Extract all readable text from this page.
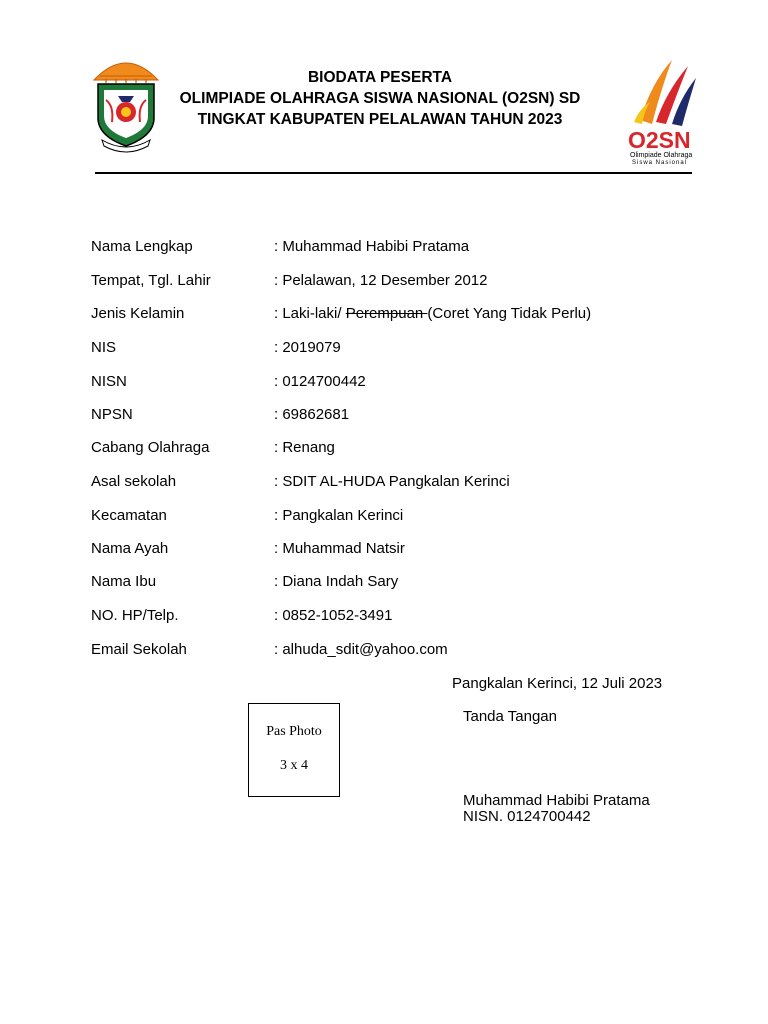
O2SN
Olimpiade Olahraga
Siswa Nasional
BIODATA PESERTA
OLIMPIADE OLAHRAGA SISWA NASIONAL (O2SN) SD
TINGKAT KABUPATEN PELALAWAN TAHUN 2023
Nama Lengkap	: Muhammad Habibi Pratama
Tempat, Tgl. Lahir	: Pelalawan, 12 Desember 2012
Jenis Kelamin	: Laki-laki/ Perempuan (Coret Yang Tidak Perlu)
NIS	: 2019079
NISN	: 0124700442
NPSN	: 69862681
Cabang Olahraga	: Renang
Asal sekolah	: SDIT AL-HUDA Pangkalan Kerinci
Kecamatan	: Pangkalan Kerinci
Nama Ayah	: Muhammad Natsir
Nama Ibu	: Diana Indah Sary
NO. HP/Telp.	: 0852-1052-3491
Email Sekolah	: alhuda_sdit@yahoo.com
Pas Photo
3 x 4
Pangkalan Kerinci, 12 Juli 2023
Tanda Tangan
Muhammad Habibi Pratama
NISN. 0124700442
